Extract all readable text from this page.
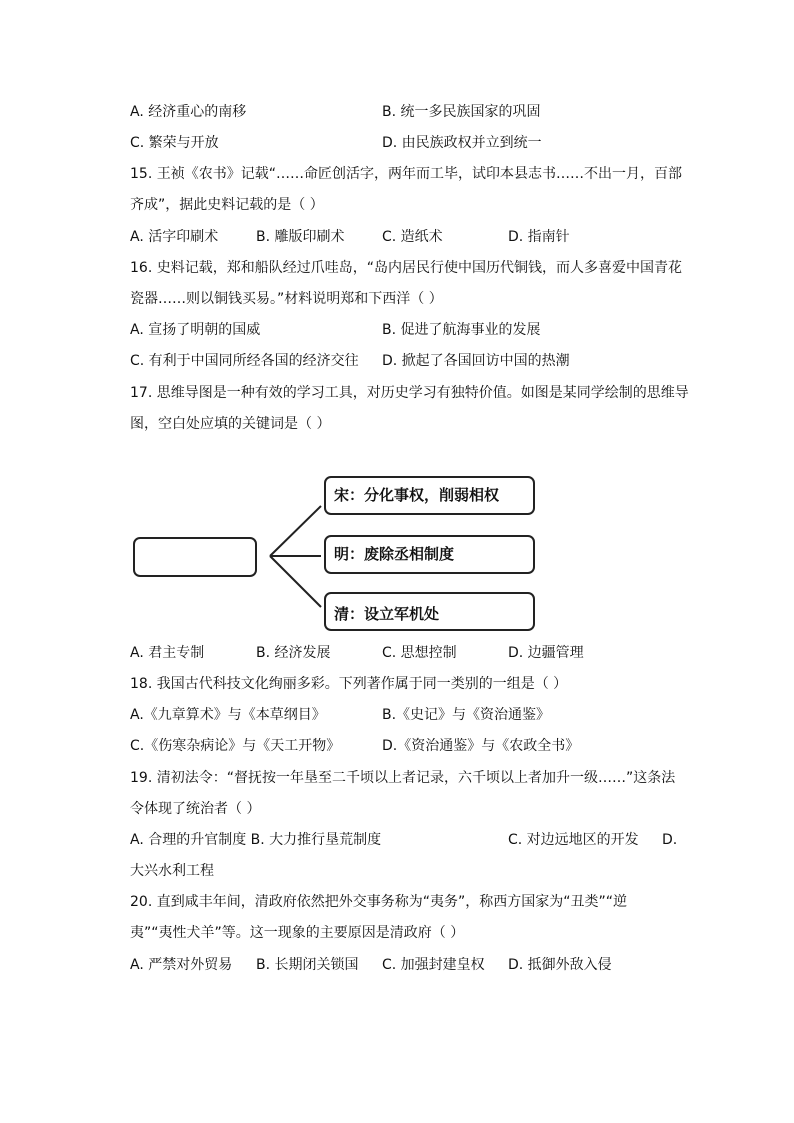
A. 经济重心的南移	B. 统一多民族国家的巩固
C. 繁荣与开放	D. 由民族政权并立到统一
15. 王祯《农书》记载“……命匠创活字，两年而工毕，试印本县志书……不出一月，百部
齐成”，据此史料记载的是（ ）
A. 活字印刷术	B. 雕版印刷术	C. 造纸术	D. 指南针
16. 史料记载，郑和船队经过爪哇岛，“岛内居民行使中国历代铜钱，而人多喜爱中国青花
瓷器……则以铜钱买易。”材料说明郑和下西洋（ ）
A. 宣扬了明朝的国威	B. 促进了航海事业的发展
C. 有利于中国同所经各国的经济交往 D. 掀起了各国回访中国的热潮
17. 思维导图是一种有效的学习工具，对历史学习有独特价值。如图是某同学绘制的思维导
图，空白处应填的关键词是（ ）
宋：分化事权，削弱相权
明：废除丞相制度
清：设立军机处
A. 君主专制	B. 经济发展	C. 思想控制	D. 边疆管理
18. 我国古代科技文化绚丽多彩。下列著作属于同一类别的一组是（ ）
A.《九章算术》与《本草纲目》	B.《史记》与《资治通鉴》
C.《伤寒杂病论》与《天工开物》	D.《资治通鉴》与《农政全书》
19. 清初法令：“督抚按一年垦至二千顷以上者记录，六千顷以上者加升一级……”这条法
令体现了统治者（ ）
A. 合理的升官制度 B. 大力推行垦荒制度	C. 对边远地区的开发 D.
大兴水利工程
20. 直到咸丰年间，清政府依然把外交事务称为“夷务”，称西方国家为“丑类”“逆
夷”“夷性犬羊”等。这一现象的主要原因是清政府（ ）
A. 严禁对外贸易 B. 长期闭关锁国 C. 加强封建皇权 D. 抵御外敌入侵
